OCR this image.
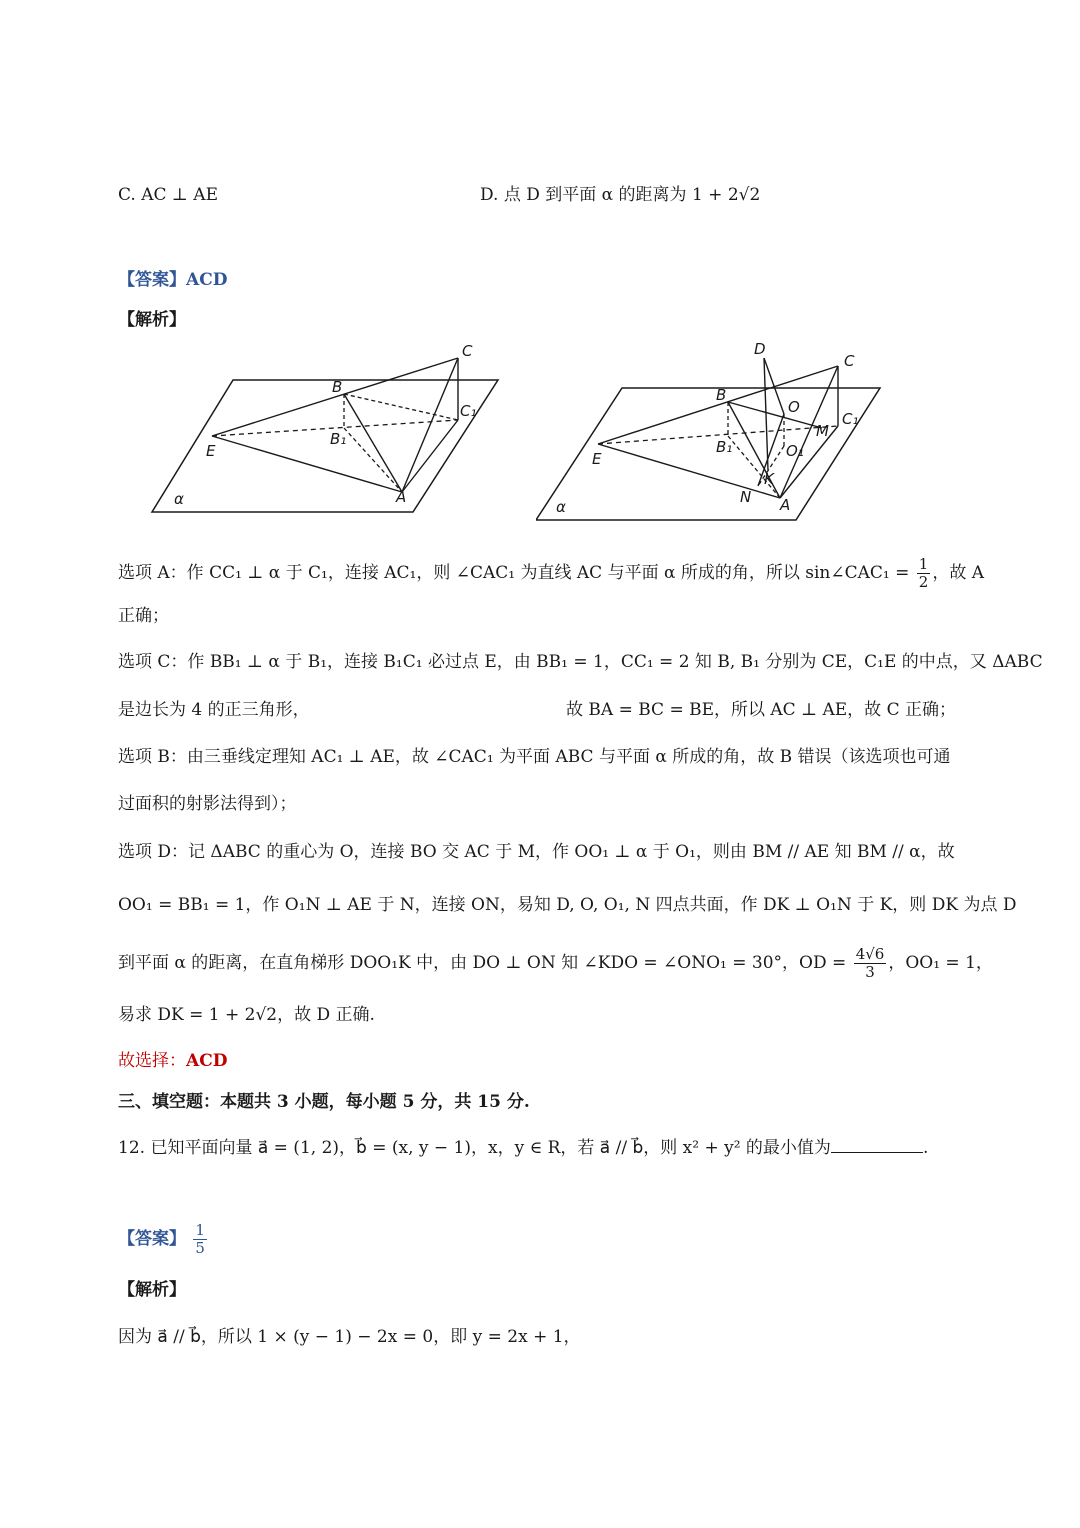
C. AC ⊥ AE	D. 点 D 到平面 α 的距离为 1 + 2√2
【答案】ACD
【解析】
C
B
C₁
B₁
E
A
α
D
C
B
O
M
C₁
B₁	O₁
E
K
N A
α
选项 A：作 CC₁ ⊥ α 于 C₁，连接 AC₁，则 ∠CAC₁ 为直线 AC 与平面 α 所成的角，所以 sin∠CAC₁ = $\frac{1}{2}$ ，故 A
正确；
选项 C：作 BB₁ ⊥ α 于 B₁，连接 B₁C₁ 必过点 E，由 BB₁ = 1，CC₁ = 2 知 B, B₁ 分别为 CE，C₁E 的中点，又 ΔABC
是边长为 4 的正三角形，	故 BA = BC = BE，所以 AC ⊥ AE，故 C 正确；
选项 B：由三垂线定理知 AC₁ ⊥ AE，故 ∠CAC₁ 为平面 ABC 与平面 α 所成的角，故 B 错误（该选项也可通
过面积的射影法得到）；
选项 D：记 ΔABC 的重心为 O，连接 BO 交 AC 于 M，作 OO₁ ⊥ α 于 O₁，则由 BM // AE 知 BM // α，故
OO₁ = BB₁ = 1，作 O₁N ⊥ AE 于 N，连接 ON，易知 D, O, O₁, N 四点共面，作 DK ⊥ O₁N 于 K，则 DK 为点 D
到平面 α 的距离，在直角梯形 DOO₁K 中，由 DO ⊥ ON 知 ∠KDO = ∠ONO₁ = 30°，OD = $\frac{4√6}{3}$ ，OO₁ = 1，
易求 DK = 1 + 2√2，故 D 正确.
故选择：ACD
三、填空题：本题共 3 小题，每小题 5 分，共 15 分.
12. 已知平面向量 a⃗ = (1, 2)，b⃗ = (x, y − 1)，x，y ∈ R，若 a⃗ // b⃗，则 x² + y² 的最小值为	.
【答案】 $\frac{1}{5}$
【解析】
因为 a⃗ // b⃗，所以 1 × (y − 1) − 2x = 0，即 y = 2x + 1，
